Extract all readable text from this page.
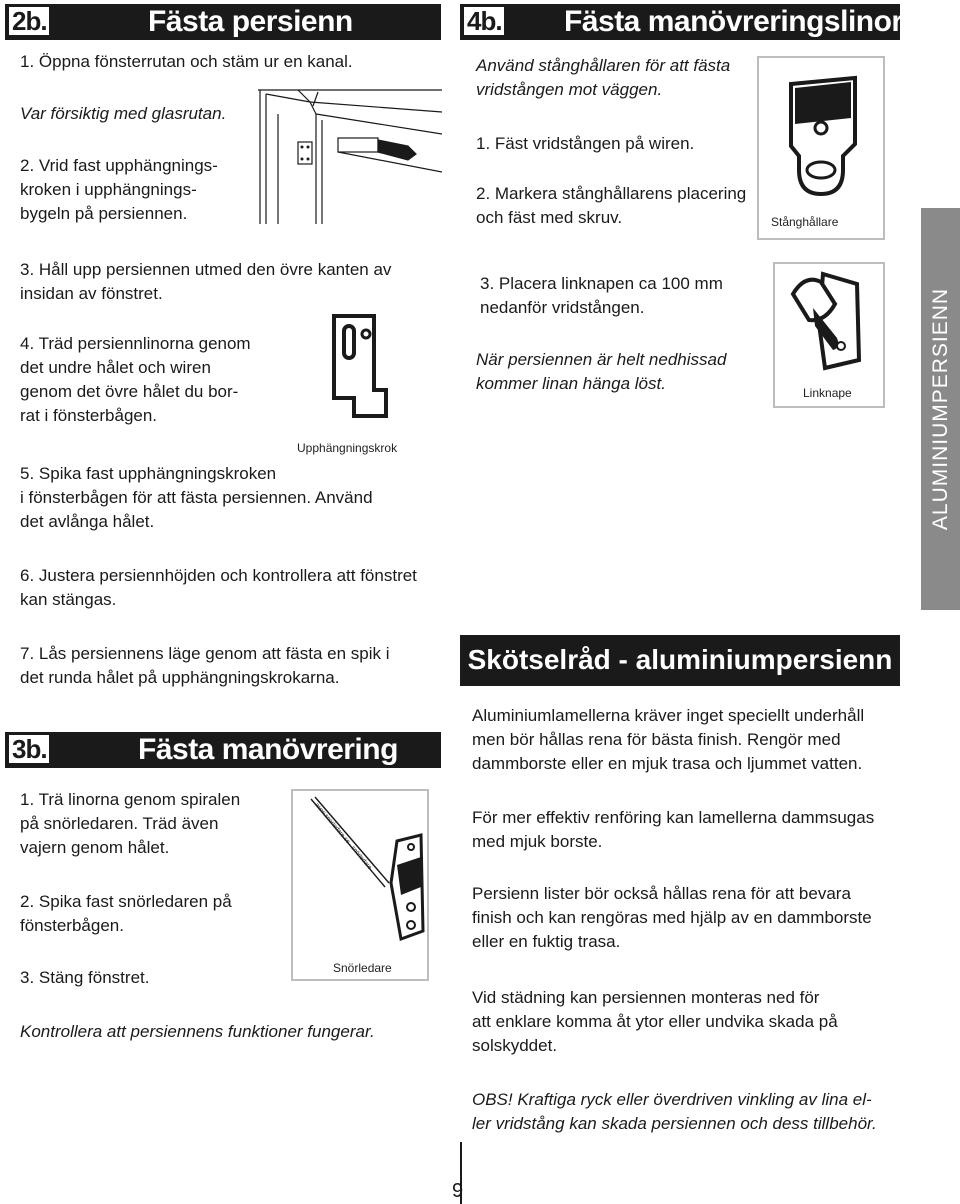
2b.	Fästa persienn
1. Öppna fönsterrutan och stäm ur en kanal.
Var försiktig med glasrutan.
2. Vrid fast upphängnings-
kroken i upphängnings-
bygeln på persiennen.
3. Håll upp persiennen utmed den övre kanten av
insidan av fönstret.
4. Träd persiennlinorna genom
det undre hålet och wiren
genom det övre hålet du bor-
rat i fönsterbågen.
Upphängningskrok
5. Spika fast upphängningskroken
i fönsterbågen för att fästa persiennen. Använd
det avlånga hålet.
6. Justera persiennhöjden och kontrollera att fönstret
kan stängas.
7. Lås persiennens läge genom att fästa en spik i
det runda hålet på upphängningskrokarna.
3b.	Fästa manövrering
1. Trä linorna genom spiralen
på snörledaren. Träd även
vajern genom hålet.
2. Spika fast snörledaren på
fönsterbågen.
3. Stäng fönstret.
www.snorledare.se · snörledare
Snörledare
Kontrollera att persiennens funktioner fungerar.
4b. Fästa manövreringslinor
Använd stånghållaren för att fästa
vridstången mot väggen.
1. Fäst vridstången på wiren.
2. Markera stånghållarens placering
och fäst med skruv.	Stånghållare
3. Placera linknapen ca 100 mm
nedanför vridstången.
När persiennen är helt nedhissad
kommer linan hänga löst.	Linknape	ALUMINIUMPERSIENN
Skötselråd - aluminiumpersienn
Aluminiumlamellerna kräver inget speciellt underhåll
men bör hållas rena för bästa finish. Rengör med
dammborste eller en mjuk trasa och ljummet vatten.
För mer effektiv renföring kan lamellerna dammsugas
med mjuk borste.
Persienn lister bör också hållas rena för att bevara
finish och kan rengöras med hjälp av en dammborste
eller en fuktig trasa.
Vid städning kan persiennen monteras ned för
att enklare komma åt ytor eller undvika skada på
solskyddet.
OBS! Kraftiga ryck eller överdriven vinkling av lina el-
ler vridstång kan skada persiennen och dess tillbehör.
9
